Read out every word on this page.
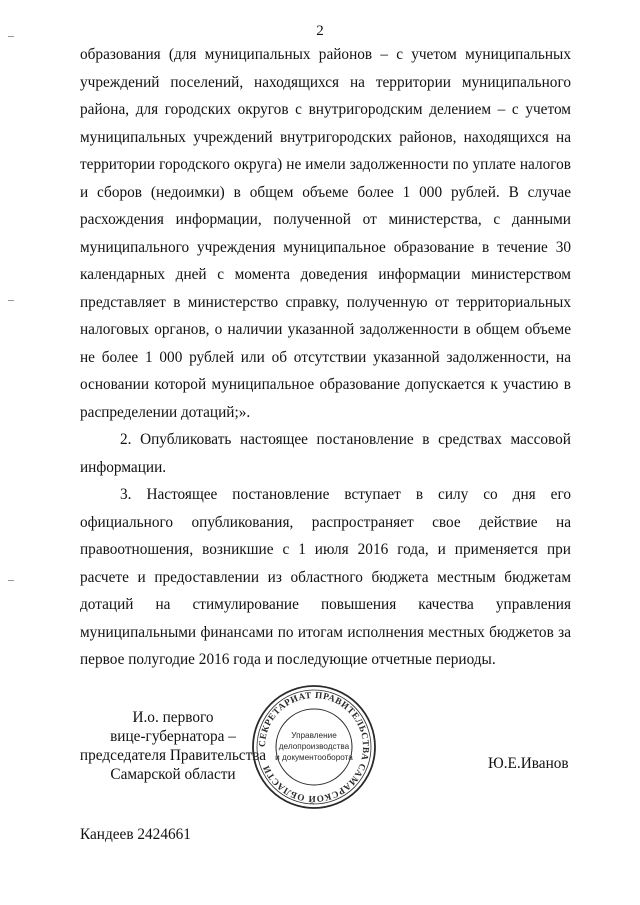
2
образования (для муниципальных районов – с учетом муниципальных
учреждений поселений, находящихся на территории муниципального
района, для городских округов с внутригородским делением – с учетом
муниципальных учреждений внутригородских районов, находящихся на
территории городского округа) не имели задолженности по уплате налогов
и сборов (недоимки) в общем объеме более 1 000 рублей. В случае
расхождения информации, полученной от министерства, с данными
муниципального учреждения муниципальное образование в течение 30
календарных дней с момента доведения информации министерством
представляет в министерство справку, полученную от территориальных
налоговых органов, о наличии указанной задолженности в общем объеме
не более 1 000 рублей или об отсутствии указанной задолженности, на
основании которой муниципальное образование допускается к участию в
распределении дотаций;».
2. Опубликовать настоящее постановление в средствах массовой
информации.
3. Настоящее постановление вступает в силу со дня его
официального опубликования, распространяет свое действие на
правоотношения, возникшие с 1 июля 2016 года, и применяется при
расчете и предоставлении из областного бюджета местным бюджетам
дотаций на стимулирование повышения качества управления
муниципальными финансами по итогам исполнения местных бюджетов за
первое полугодие 2016 года и последующие отчетные периоды.
И.о. первого
вице-губернатора –
председателя Правительства
Самарской области
СЕКРЕТАРИАТ ПРАВИТЕЛЬСТВА САМАРСКОЙ ОБЛАСТИ
Управление
делопроизводства
и документооборота	Ю.Е.Иванов
Кандеев 2424661
